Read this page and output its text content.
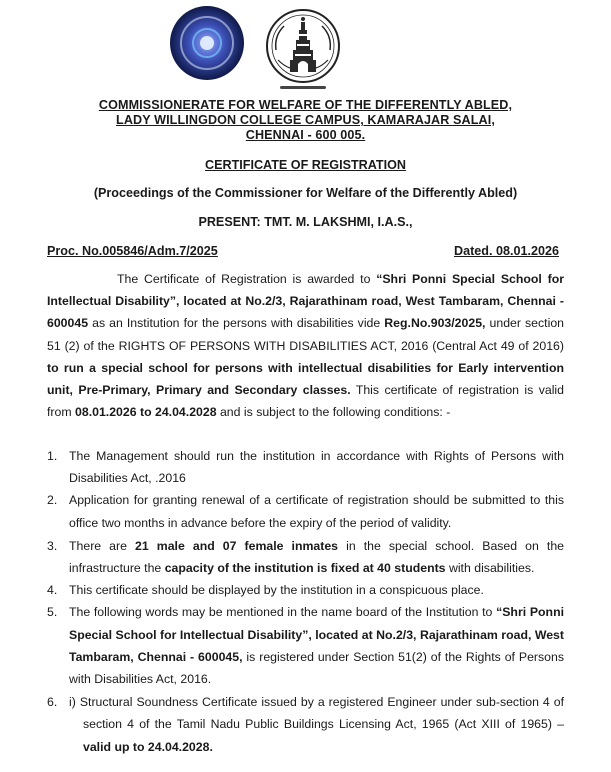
COMMISSIONERATE FOR WELFARE OF THE DIFFERENTLY ABLED,
LADY WILLINGDON COLLEGE CAMPUS, KAMARAJAR SALAI,
CHENNAI - 600 005.
CERTIFICATE OF REGISTRATION
(Proceedings of the Commissioner for Welfare of the Differently Abled)
PRESENT: TMT. M. LAKSHMI, I.A.S.,
Proc. No.005846/Adm.7/2025	Dated. 08.01.2026
The Certificate of Registration is awarded to “Shri Ponni Special School for Intellectual Disability”, located at No.2/3, Rajarathinam road, West Tambaram, Chennai - 600045 as an Institution for the persons with disabilities vide Reg.No.903/2025, under section 51 (2) of the RIGHTS OF PERSONS WITH DISABILITIES ACT, 2016 (Central Act 49 of 2016) to run a special school for persons with intellectual disabilities for Early intervention unit, Pre-Primary, Primary and Secondary classes. This certificate of registration is valid from 08.01.2026 to 24.04.2028 and is subject to the following conditions: -
1. The Management should run the institution in accordance with Rights of Persons with Disabilities Act, .2016
2. Application for granting renewal of a certificate of registration should be submitted to this office two months in advance before the expiry of the period of validity.
3. There are 21 male and 07 female inmates in the special school. Based on the infrastructure the capacity of the institution is fixed at 40 students with disabilities.
4. This certificate should be displayed by the institution in a conspicuous place.
5. The following words may be mentioned in the name board of the Institution to “Shri Ponni Special School for Intellectual Disability”, located at No.2/3, Rajarathinam road, West Tambaram, Chennai - 600045, is registered under Section 51(2) of the Rights of Persons with Disabilities Act, 2016.
6. i) Structural Soundness Certificate issued by a registered Engineer under sub-section 4 of section 4 of the Tamil Nadu Public Buildings Licensing Act, 1965 (Act XIII of 1965) – valid up to 24.04.2028.
